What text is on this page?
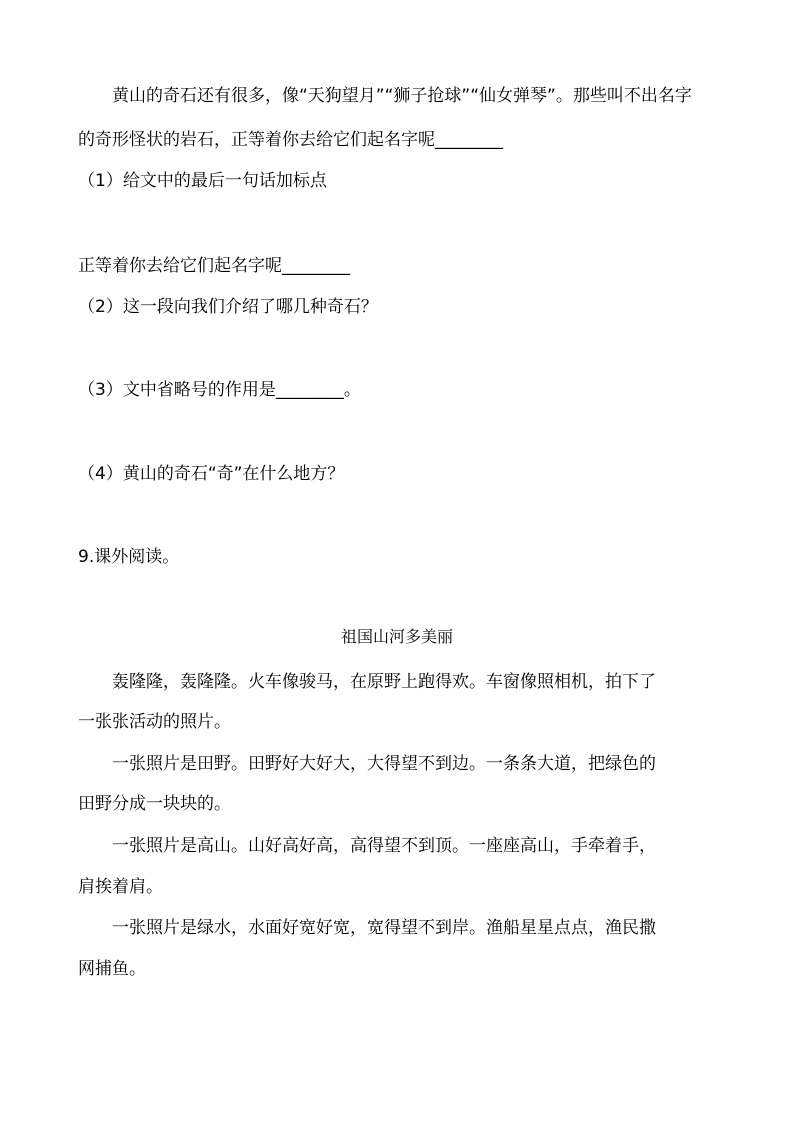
黄山的奇石还有很多，像“天狗望月”“狮子抢球”“仙女弹琴”。那些叫不出名字
的奇形怪状的岩石，正等着你去给它们起名字呢________
（1）给文中的最后一句话加标点
正等着你去给它们起名字呢________
（2）这一段向我们介绍了哪几种奇石？
（3）文中省略号的作用是________。
（4）黄山的奇石“奇”在什么地方？
9.课外阅读。
祖国山河多美丽
轰隆隆，轰隆隆。火车像骏马，在原野上跑得欢。车窗像照相机，拍下了
一张张活动的照片。
一张照片是田野。田野好大好大，大得望不到边。一条条大道，把绿色的
田野分成一块块的。
一张照片是高山。山好高好高，高得望不到顶。一座座高山，手牵着手，
肩挨着肩。
一张照片是绿水，水面好宽好宽，宽得望不到岸。渔船星星点点，渔民撒
网捕鱼。
